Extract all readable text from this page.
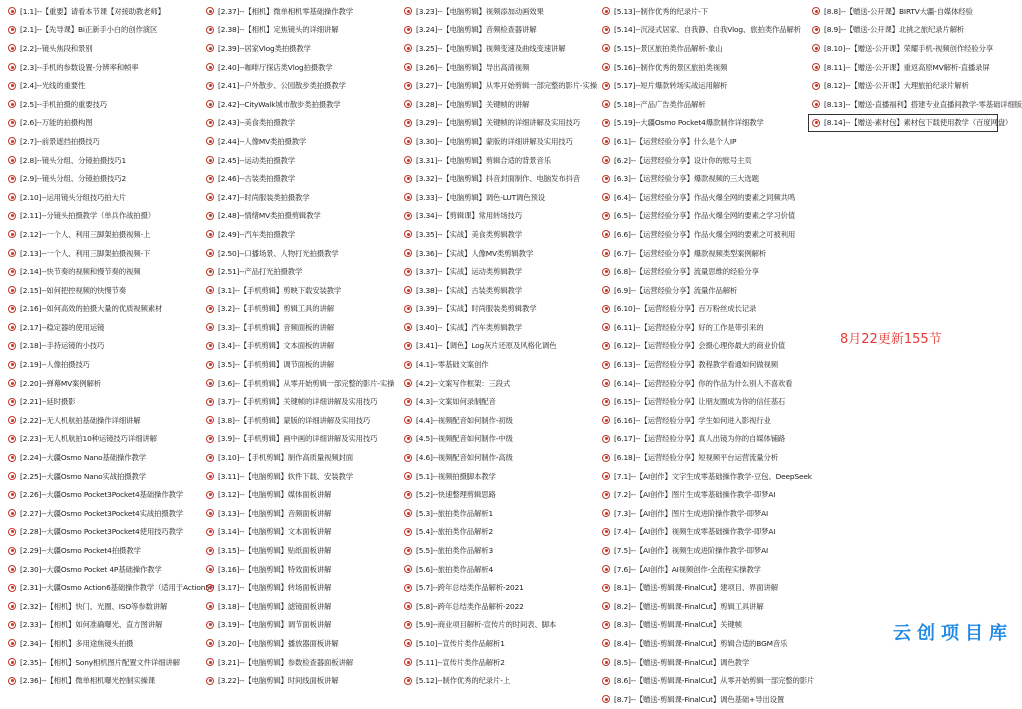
[1.1]--【重要】请看本节课【对接助教老师】
[2.1]--【先导课】Bi正新手小白的创作演区
[2.2]--镜头焦段和景别
[2.3]--手机的参数设置-分辨率和帧率
[2.4]--光线的重要性
[2.5]--手机拍摄的重要技巧
[2.6]--万能的拍摄构图
[2.7]--前景遮挡拍摄技巧
[2.8]--镜头分组、分镜拍摄技巧1
[2.9]--镜头分组、分镜拍摄技巧2
[2.10]--运用镜头分组技巧拍大片
[2.11]--分镜头拍摄教学（单兵作战拍摄）
[2.12]--一个人、利用三脚架拍摄视频-上
[2.13]--一个人、利用三脚架拍摄视频-下
[2.14]--快节奏的视频和慢节奏的视频
[2.15]--如何把控视频的快慢节奏
[2.16]--如何高效的拍摄大量的优质视频素材
[2.17]--稳定器的使用运镜
[2.18]--手持运镜的小技巧
[2.19]--人像拍摄技巧
[2.20]--弹幕MV案例解析
[2.21]--延时摄影
[2.22]--无人机航拍基础操作详细讲解
[2.23]--无人机航拍10种运镜技巧详细讲解
[2.24]--大疆Osmo Nano基础操作教学
[2.25]--大疆Osmo Nano实战拍摄教学
[2.26]--大疆Osmo Pocket3Pocket4基础操作教学
[2.27]--大疆Osmo Pocket3Pocket4实战拍摄教学
[2.28]--大疆Osmo Pocket3Pocket4使用技巧教学
[2.29]--大疆Osmo Pocket4拍摄教学
[2.30]--大疆Osmo Pocket 4P基础操作教学
[2.31]--大疆Osmo Action6基础操作教学（适用于Action5P
[2.32]--【相机】快门、光圈、ISO等参数讲解
[2.33]--【相机】如何准确曝光、直方图讲解
[2.34]--【相机】多用途焦镜头拍摄
[2.35]--【相机】Sony相机图片配置文件详细讲解
[2.36]--【相机】微单相机曝光控制实操课
[2.37]--【相机】微单相机零基础操作教学
[2.38]--【相机】定焦镜头的详细讲解
[2.39]--居家Vlog类拍摄教学
[2.40]--咖啡厅探店类Vlog拍摄教学
[2.41]--户外散步、公园散步类拍摄教学
[2.42]--CityWalk城市散步类拍摄教学
[2.43]--美食类拍摄教学
[2.44]--人像MV类拍摄教学
[2.45]--运动类拍摄教学
[2.46]--古装类拍摄教学
[2.47]--时尚服装类拍摄教学
[2.48]--情绪MV类拍摄剪辑教学
[2.49]--汽车类拍摄教学
[2.50]--口播场景、人物打光拍摄教学
[2.51]--产品打光拍摄教学
[3.1]--【手机剪辑】剪映下载安装教学
[3.2]--【手机剪辑】剪辑工具的讲解
[3.3]--【手机剪辑】音频面板的讲解
[3.4]--【手机剪辑】文本面板的讲解
[3.5]--【手机剪辑】调节面板的讲解
[3.6]--【手机剪辑】从零开始剪辑一部完整的影片-实操
[3.7]--【手机剪辑】关键帧的详细讲解及实用技巧
[3.8]--【手机剪辑】蒙版的详细讲解及实用技巧
[3.9]--【手机剪辑】画中画的详细讲解及实用技巧
[3.10]--【手机剪辑】制作高质量视频封面
[3.11]--【电脑剪辑】软件下载、安装教学
[3.12]--【电脑剪辑】媒体面板讲解
[3.13]--【电脑剪辑】音频面板讲解
[3.14]--【电脑剪辑】文本面板讲解
[3.15]--【电脑剪辑】贴纸面板讲解
[3.16]--【电脑剪辑】特效面板讲解
[3.17]--【电脑剪辑】转场面板讲解
[3.18]--【电脑剪辑】滤镜面板讲解
[3.19]--【电脑剪辑】调节面板讲解
[3.20]--【电脑剪辑】播放器面板讲解
[3.21]--【电脑剪辑】参数检查器面板讲解
[3.22]--【电脑剪辑】时间线面板讲解
[3.23]--【电脑剪辑】视频添加动画效果
[3.24]--【电脑剪辑】音频检查器讲解
[3.25]--【电脑剪辑】视频变速及曲线变速讲解
[3.26]--【电脑剪辑】导出高清视频
[3.27]--【电脑剪辑】从零开始剪辑一部完整的影片-实操
[3.28]--【电脑剪辑】关键帧的讲解
[3.29]--【电脑剪辑】关键帧的详细讲解及实用技巧
[3.30]--【电脑剪辑】蒙版的详细讲解及实用技巧
[3.31]--【电脑剪辑】剪辑合适的背景音乐
[3.32]--【电脑剪辑】抖音封面制作、电脑发布抖音
[3.33]--【电脑剪辑】调色-LUT调色预设
[3.34]--【剪辑课】常用转场技巧
[3.35]--【实战】美食类剪辑教学
[3.36]--【实战】人像MV类剪辑教学
[3.37]--【实战】运动类剪辑教学
[3.38]--【实战】古装类剪辑教学
[3.39]--【实战】时尚服装类剪辑教学
[3.40]--【实战】汽车类剪辑教学
[3.41]--【调色】Log灰片还原及风格化调色
[4.1]--零基础文案创作
[4.2]--文案写作框架：三段式
[4.3]--文案如何录制配音
[4.4]--视频配音如何制作-初级
[4.5]--视频配音如何制作-中级
[4.6]--视频配音如何制作-高级
[5.1]--视频拍摄脚本教学
[5.2]--快速整理剪辑思路
[5.3]--旅拍类作品解析1
[5.4]--旅拍类作品解析2
[5.5]--旅拍类作品解析3
[5.6]--旅拍类作品解析4
[5.7]--跨年总结类作品解析-2021
[5.8]--跨年总结类作品解析-2022
[5.9]--商业项目解析-宣传片的时间表、脚本
[5.10]--宣传片类作品解析1
[5.11]--宣传片类作品解析2
[5.12]--制作优秀的纪录片-上
[5.13]--制作优秀的纪录片-下
[5.14]--沉浸式居家、自我静、自我Vlog、旅拍类作品解析
[5.15]--景区旅拍类作品解析-象山
[5.16]--制作优秀的景区旅拍类视频
[5.17]--短片爆款转场实战运用解析
[5.18]--产品广告类作品解析
[5.19]--大疆Osmo Pocket4爆款制作详细教学
[6.1]--【运营经验分享】什么是个人IP
[6.2]--【运营经验分享】设计你的账号主页
[6.3]--【运营经验分享】爆款视频的三大选题
[6.4]--【运营经验分享】作品火爆全网的要素之同频共鸣
[6.5]--【运营经验分享】作品火爆全网的要素之学习价值
[6.6]--【运营经验分享】作品火爆全网的要素之可被利用
[6.7]--【运营经验分享】爆款视频类型案例解析
[6.8]--【运营经验分享】流量思维的经验分享
[6.9]--【运营经验分享】流量作品解析
[6.10]--【运营经验分享】百万粉丝成长记录
[6.11]--【运营经验分享】好的工作是带引来的
[6.12]--【运营经验分享】会摄心理你最大的商业价值
[6.13]--【运营经验分享】教程教学看通如何做视频
[6.14]--【运营经验分享】你的作品为什么别人不喜欢看
[6.15]--【运营经验分享】让朋友圈成为你的信任基石
[6.16]--【运营经验分享】学生如何进入影视行业
[6.17]--【运营经验分享】真人出镜为你的自媒体铺路
[6.18]--【运营经验分享】短视频平台运营流量分析
[7.1]--【AI创作】文字生成零基础操作教学-豆包、DeepSeek
[7.2]--【AI创作】图片生成零基础操作教学-即梦AI
[7.3]--【AI创作】图片生成进阶操作教学-即梦AI
[7.4]--【AI创作】视频生成零基础操作教学-即梦AI
[7.5]--【AI创作】视频生成进阶操作教学-即梦AI
[7.6]--【AI创作】AI视频创作-全流程实操教学
[8.1]--【赠送-剪辑课-FinalCut】建项目、界面讲解
[8.2]--【赠送-剪辑课-FinalCut】剪辑工具讲解
[8.3]--【赠送-剪辑课-FinalCut】关键帧
[8.4]--【赠送-剪辑课-FinalCut】剪辑合适的BGM音乐
[8.5]--【赠送-剪辑课-FinalCut】调色教学
[8.6]--【赠送-剪辑课-FinalCut】从零开始剪辑一部完整的影片
[8.7]--【赠送-剪辑课-FinalCut】调色基础+导出设置
[8.8]--【赠送-公开课】BIRTV大疆-自媒体经验
[8.9]--【赠送-公开课】北挑之旅纪录片解析
[8.10]--【赠送-公开课】荣耀手机-视频创作经验分享
[8.11]--【赠送-公开课】重返高原MV解析-直播录屏
[8.12]--【赠送-公开课】大理旅拍纪录片解析
[8.13]--【赠送-直播福利】搭建专业直播间教学-零基础详细版
[8.14]--【赠送-素材包】素材包下载使用教学（百度网盘）
8月22更新155节
云创项目库
